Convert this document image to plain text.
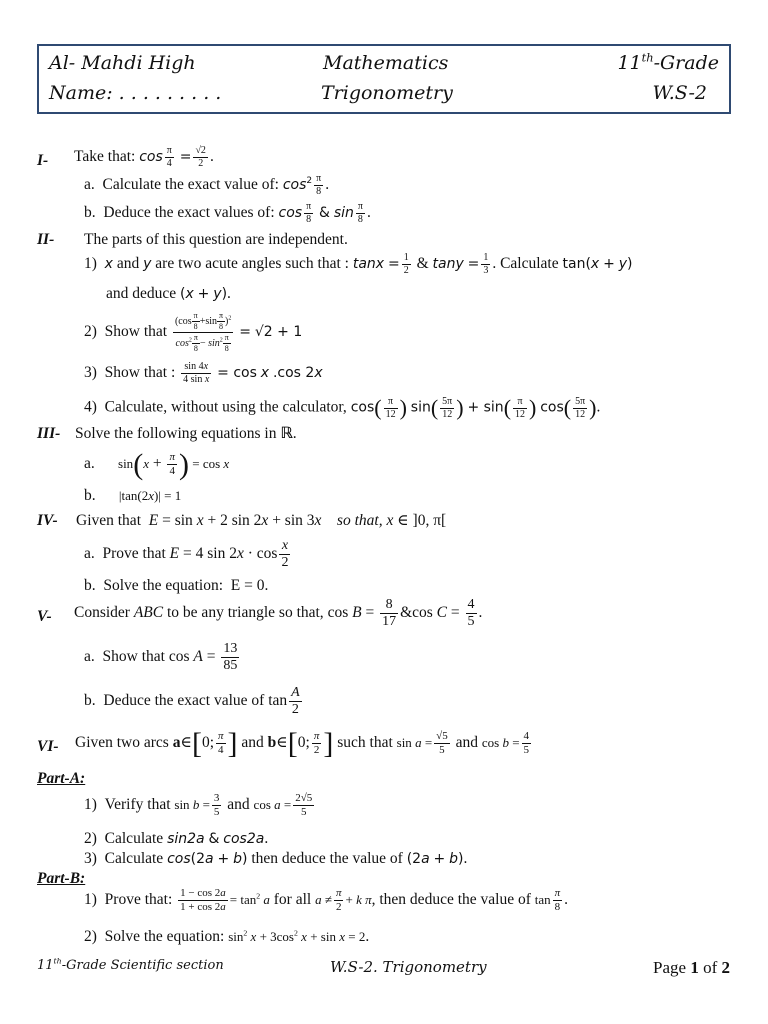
Al- Mahdi High	Mathematics	11th-Grade
Name: . . . . . . . . .	Trigonometry	W.S-2
I- Take that: $\cos \frac{\pi}{4} = \frac{√2}{2}$ .
a.  Calculate the exact value of: $\cos^2 \frac{\pi}{8}$ .
b.  Deduce the exact values of: $\cos \frac{\pi}{8}$ & $\sin \frac{\pi}{8}$ .
II- The parts of this question are independent.
1) x and y are two acute angles such that : $\tan x = \frac{1}{2}$ & $\tan y = \frac{1}{3}$ . Calculate tan(x + y)
and deduce (x + y).
2)  Show that $\frac{(\cos \frac{\pi}{8} +\sin \frac{\pi}{8} )^2}{\cos^2 \frac{\pi}{8} - \sin^2 \frac{\pi}{8}} = √2 + 1$
3)  Show that : $\frac{\sin 4x}{\text{4 sin x}} = \cos x$ .cos 2x
4)  Calculate, without using the calculator, $\cos( \frac{\pi}{12}$ ) $\sin( \frac{5\pi}{12}$ ) + $\sin( \frac{\pi}{12}$ ) $\cos( \frac{5\pi}{12}$ ).
III- Solve the following equations in ℝ.
a. $\sin(x + \frac{\pi}{4}$ ) = cos x
b. |tan(2x)| = 1
IV- Given that E = sin x + 2 sin 2x + sin 3x so that, x ∈ ]0, π[
a.  Prove that E = 4 $\sin 2x \cdot \cos \frac{x}{2}$
b.  Solve the equation:  E = 0.
V- Consider ABC to be any triangle so that, $\cos B = \frac{8}{17}$ &cos $C = \frac{4}{5}$ .
a.  Show that $\cos A = \frac{13}{85}$
b.  Deduce the exact value of $\tan \frac{A}{2}$
VI- Given two arcs a∈[0; $\frac{\pi}{4}$ ] and b∈[0; $\frac{\pi}{2}$ ] such that $\sin a = \frac{√5}{5}$ and $\cos b = \frac{4}{5}$
Part-A:
1)  Verify that $\sin b = \frac{3}{5}$ and $\cos a = \frac{2√5}{5}$
2)  Calculate sin2a & cos2a.
3)  Calculate cos(2a + b) then deduce the value of (2a + b).
Part-B:
1)  Prove that: $\frac{1 - \cos 2a}{1 + \cos 2a} = \tan^2 a$ for all $a \ne \frac{\pi}{2} + k$ π, then deduce the value of $\tan \frac{\pi}{8}$ .
2)  Solve the equation: $\sin^2 x + 3\cos^2$ x + sin x = 2.
11th-Grade Scientific section	W.S-2. Trigonometry	Page 1 of 2
